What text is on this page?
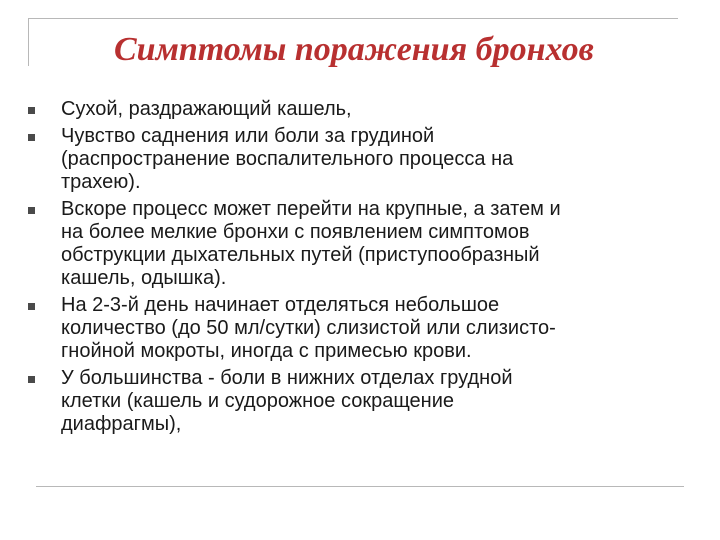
Симптомы поражения бронхов
Сухой, раздражающий кашель,
Чувство саднения или боли за грудиной
(распространение воспалительного процесса на
трахею).
Вскоре процесс может перейти на крупные, а затем и
на более мелкие бронхи с появлением симптомов
обструкции дыхательных путей (приступообразный
кашель, одышка).
На 2-3-й день начинает отделяться небольшое
количество (до 50 мл/сутки) слизистой или слизисто-
гнойной мокроты, иногда с примесью крови.
У большинства - боли в нижних отделах грудной
клетки (кашель и судорожное сокращение
диафрагмы),
